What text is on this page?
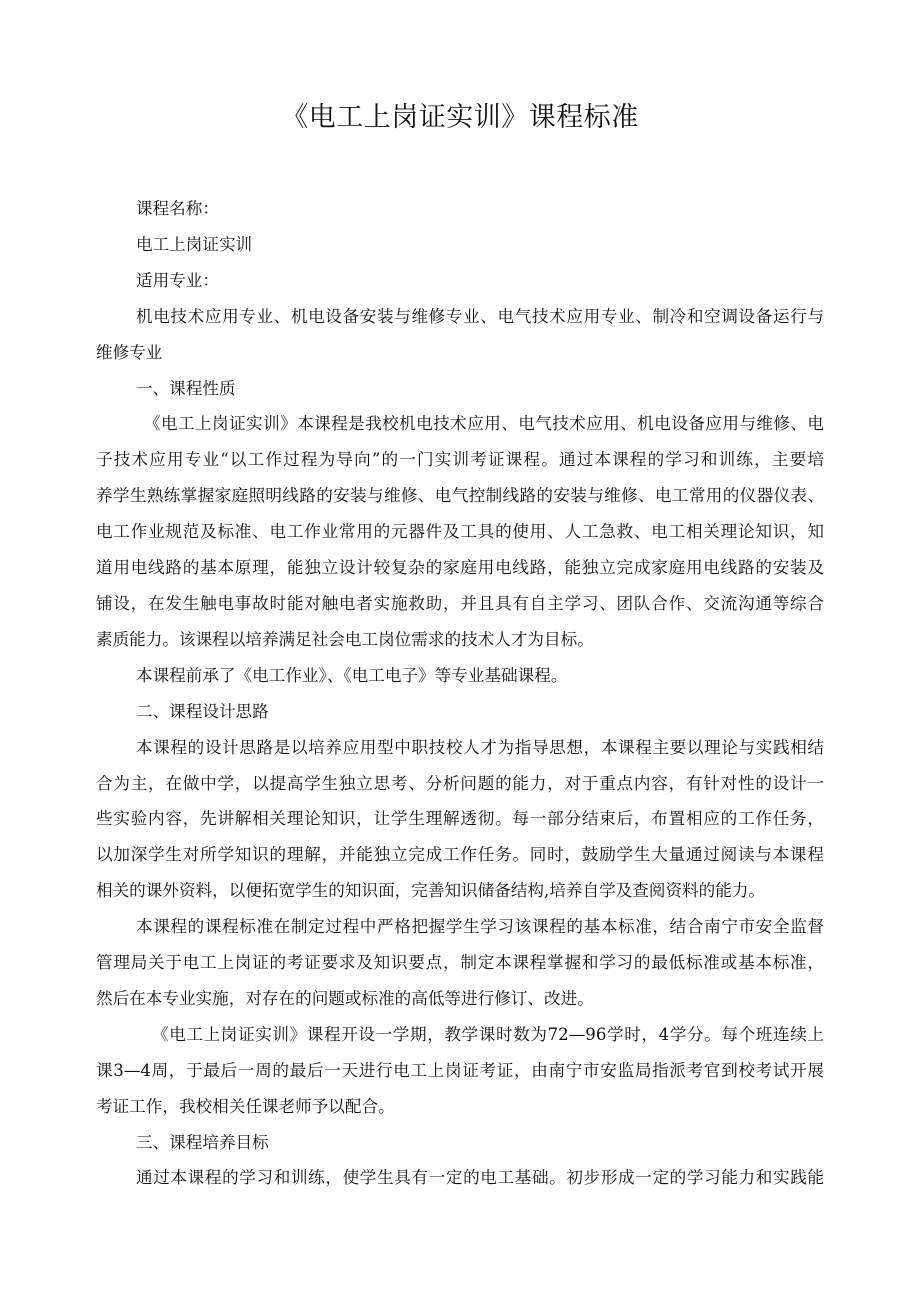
《电工上岗证实训》课程标准

课程名称：

电工上岗证实训

适用专业：

机电技术应用专业、机电设备安装与维修专业、电气技术应用专业、制冷和空调设备运行与

维修专业

一、课程性质

《电工上岗证实训》本课程是我校机电技术应用、电气技术应用、机电设备应用与维修、电

子技术应用专业“以工作过程为导向”的一门实训考证课程。通过本课程的学习和训练，主要培

养学生熟练掌握家庭照明线路的安装与维修、电气控制线路的安装与维修、电工常用的仪器仪表、

电工作业规范及标准、电工作业常用的元器件及工具的使用、人工急救、电工相关理论知识，知

道用电线路的基本原理，能独立设计较复杂的家庭用电线路，能独立完成家庭用电线路的安装及

铺设，在发生触电事故时能对触电者实施救助，并且具有自主学习、团队合作、交流沟通等综合

素质能力。该课程以培养满足社会电工岗位需求的技术人才为目标。

本课程前承了《电工作业》、《电工电子》等专业基础课程。

二、课程设计思路

本课程的设计思路是以培养应用型中职技校人才为指导思想，本课程主要以理论与实践相结

合为主，在做中学，以提高学生独立思考、分析问题的能力，对于重点内容，有针对性的设计一

些实验内容，先讲解相关理论知识，让学生理解透彻。每一部分结束后，布置相应的工作任务，

以加深学生对所学知识的理解，并能独立完成工作任务。同时，鼓励学生大量通过阅读与本课程

相关的课外资料，以便拓宽学生的知识面，完善知识储备结构,培养自学及查阅资料的能力。

本课程的课程标准在制定过程中严格把握学生学习该课程的基本标准，结合南宁市安全监督

管理局关于电工上岗证的考证要求及知识要点，制定本课程掌握和学习的最低标准或基本标准，

然后在本专业实施，对存在的问题或标准的高低等进行修订、改进。

《电工上岗证实训》课程开设一学期，教学课时数为72—96学时，4学分。每个班连续上

课3—4周，于最后一周的最后一天进行电工上岗证考证，由南宁市安监局指派考官到校考试开展

考证工作，我校相关任课老师予以配合。

三、课程培养目标

通过本课程的学习和训练，使学生具有一定的电工基础。初步形成一定的学习能力和实践能
